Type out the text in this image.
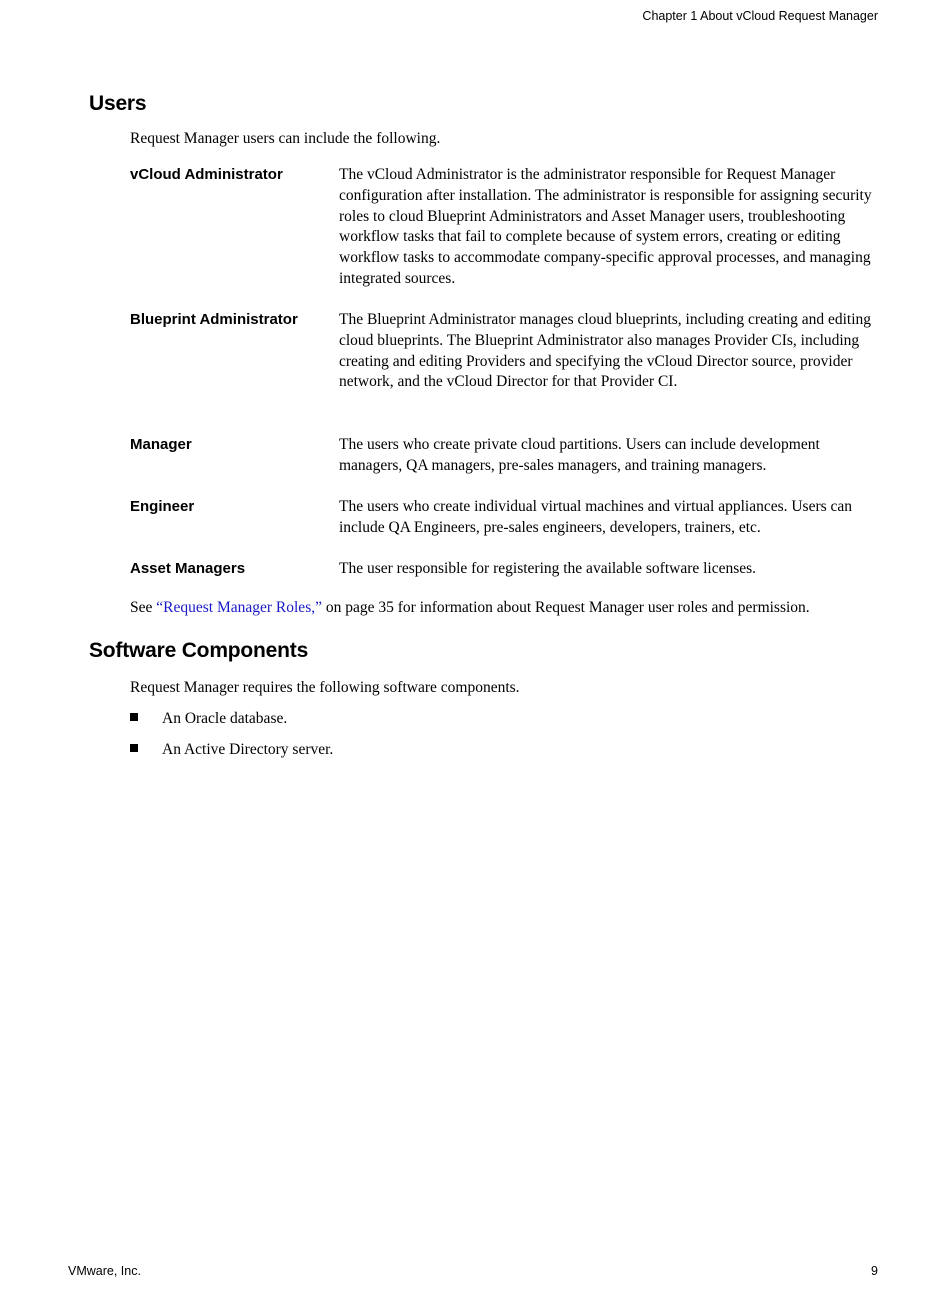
Chapter 1 About vCloud Request Manager
Users

Request Manager users can include the following.

vCloud Administrator	The vCloud Administrator is the administrator responsible for Request Manager configuration after installation. The administrator is responsible for assigning security roles to cloud Blueprint Administrators and Asset Manager users, troubleshooting workflow tasks that fail to complete because of system errors, creating or editing workflow tasks to accommodate company-specific approval processes, and managing integrated sources.

Blueprint Administrator	The Blueprint Administrator manages cloud blueprints, including creating and editing cloud blueprints. The Blueprint Administrator also manages Provider CIs, including creating and editing Providers and specifying the vCloud Director source, provider network, and the vCloud Director for that Provider CI.

Manager	The users who create private cloud partitions. Users can include development managers, QA managers, pre-sales managers, and training managers.

Engineer	The users who create individual virtual machines and virtual appliances. Users can include QA Engineers, pre-sales engineers, developers, trainers, etc.

Asset Managers	The user responsible for registering the available software licenses.

See “Request Manager Roles,” on page 35 for information about Request Manager user roles and permission.

Software Components

Request Manager requires the following software components.

An Oracle database.

An Active Directory server.

VMware, Inc.	9
